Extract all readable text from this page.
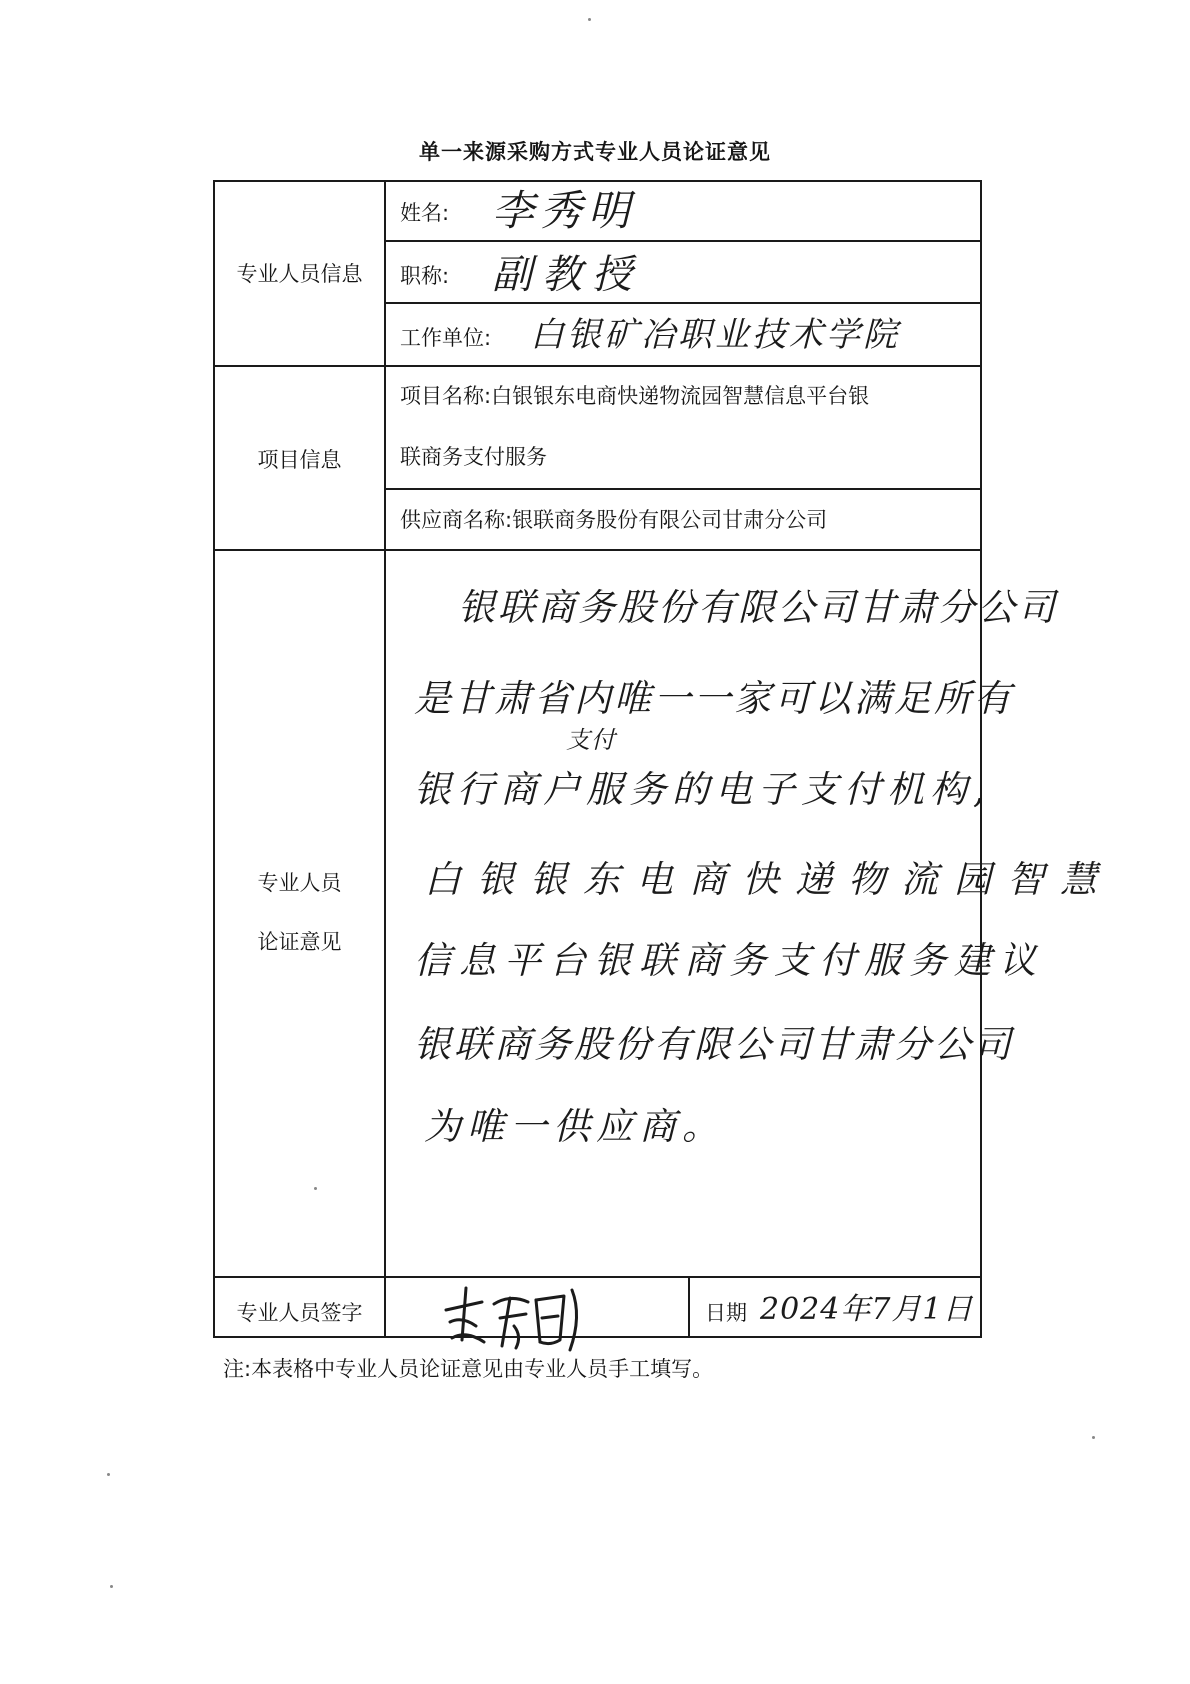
单一来源采购方式专业人员论证意见
专业人员信息
项目信息
专业人员
论证意见
专业人员签字
姓名:
职称:
工作单位:
项目名称:白银银东电商快递物流园智慧信息平台银
联商务支付服务
供应商名称:银联商务股份有限公司甘肃分公司
日期
李秀明
副教授
白银矿冶职业技术学院
银联商务股份有限公司甘肃分公司
是甘肃省内唯一一家可以满足所有
支付
银行商户服务的电子支付机构,
白银银东电商快递物流园智慧
信息平台银联商务支付服务建议
银联商务股份有限公司甘肃分公司
为唯一供应商。
2024年7月1日
注:本表格中专业人员论证意见由专业人员手工填写。
